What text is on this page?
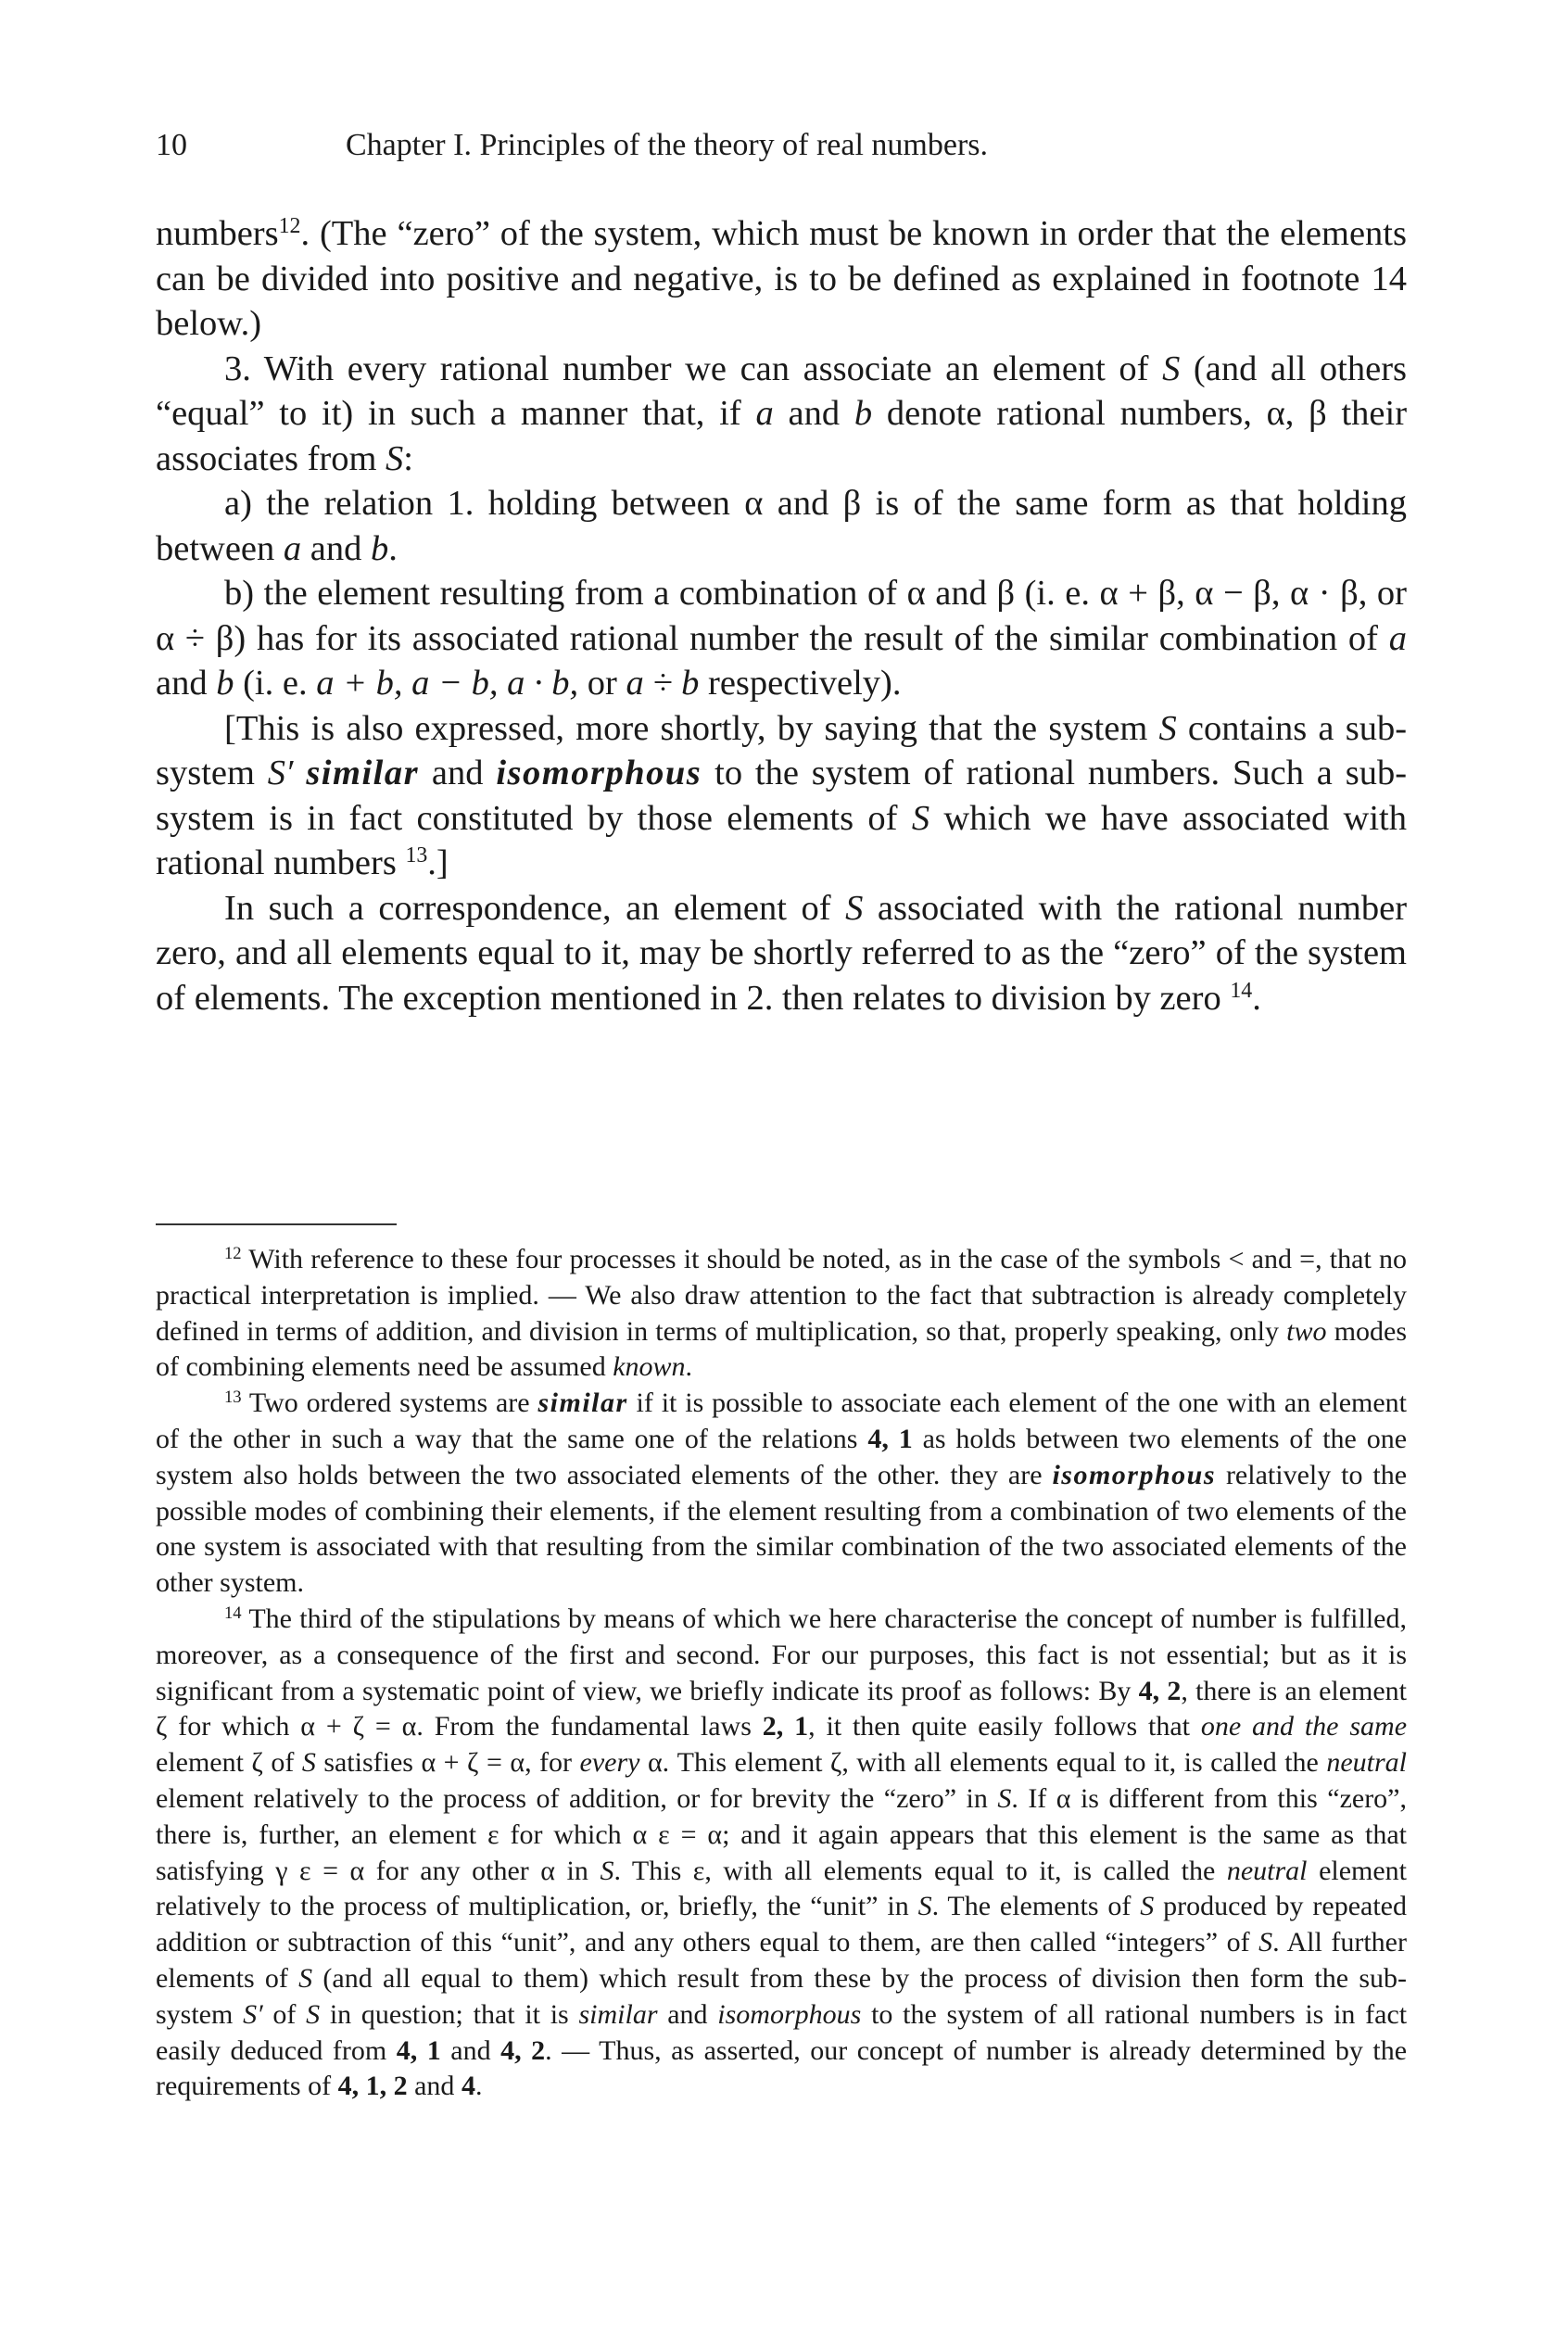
10	Chapter I. Principles of the theory of real numbers.

numbers$^{12}$. (The “zero” of the system, which must be known in order that the elements can be divided into positive and negative, is to be defined as explained in footnote 14 below.)

3. With every rational number we can associate an element of S (and all others “equal” to it) in such a manner that, if a and b denote rational numbers, α, β their associates from S:

a) the relation 1. holding between α and β is of the same form as that holding between a and b.

b) the element resulting from a combination of α and β (i. e. α + β, α − β, α · β, or α ÷ β) has for its associated rational number the result of the similar combination of a and b (i. e. a + b, a − b, a · b, or a ÷ b respectively).

[This is also expressed, more shortly, by saying that the system S contains a sub-system S′ similar and isomorphous to the system of rational numbers. Such a sub-system is in fact constituted by those elements of S which we have associated with rational numbers $^{13}$.]

In such a correspondence, an element of S associated with the rational number zero, and all elements equal to it, may be shortly referred to as the “zero” of the system of elements. The exception mentioned in 2. then relates to division by zero $^{14}$.

$^{12}$ With reference to these four processes it should be noted, as in the case of the symbols < and =, that no practical interpretation is implied. — We also draw attention to the fact that subtraction is already completely defined in terms of addition, and division in terms of multiplication, so that, properly speaking, only two modes of combining elements need be assumed known.

$^{13}$ Two ordered systems are similar if it is possible to associate each element of the one with an element of the other in such a way that the same one of the relations 4, 1 as holds between two elements of the one system also holds between the two associated elements of the other. they are isomorphous relatively to the possible modes of combining their elements, if the element resulting from a combination of two elements of the one system is associated with that resulting from the similar combination of the two associated elements of the other system.

$^{14}$ The third of the stipulations by means of which we here characterise the concept of number is fulfilled, moreover, as a consequence of the first and second. For our purposes, this fact is not essential; but as it is significant from a systematic point of view, we briefly indicate its proof as follows: By 4, 2, there is an element ζ for which α + ζ = α. From the fundamental laws 2, 1, it then quite easily follows that one and the same element ζ of S satisfies α + ζ = α, for every α. This element ζ, with all elements equal to it, is called the neutral element relatively to the process of addition, or for brevity the “zero” in S. If α is different from this “zero”, there is, further, an element ε for which α ε = α; and it again appears that this element is the same as that satisfying γ ε = α for any other α in S. This ε, with all elements equal to it, is called the neutral element relatively to the process of multiplication, or, briefly, the “unit” in S. The elements of S produced by repeated addition or subtraction of this “unit”, and any others equal to them, are then called “integers” of S. All further elements of S (and all equal to them) which result from these by the process of division then form the sub-system S′ of S in question; that it is similar and isomorphous to the system of all rational numbers is in fact easily deduced from 4, 1 and 4, 2. — Thus, as asserted, our concept of number is already determined by the requirements of 4, 1, 2 and 4.
